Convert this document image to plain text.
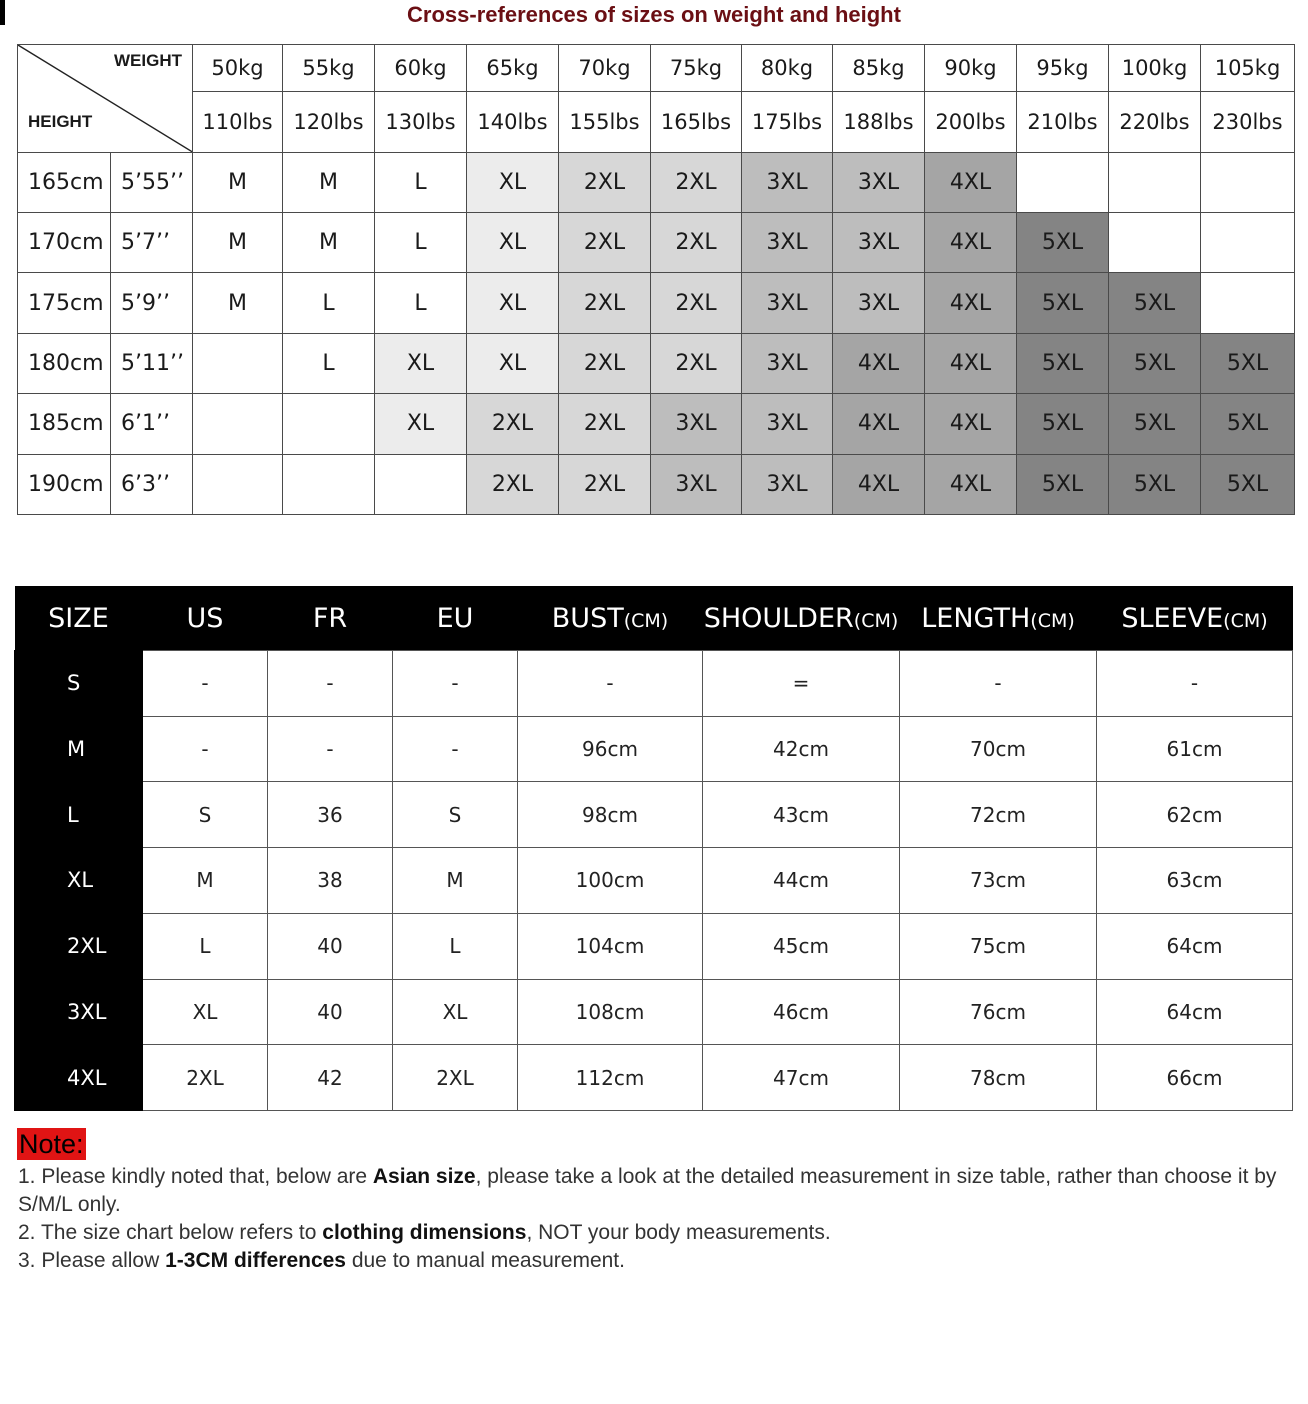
Cross-references of sizes on weight and height
WEIGHT
HEIGHT		50kg	55kg	60kg	65kg	70kg	75kg	80kg	85kg	90kg	95kg	100kg	105kg
		110lbs	120lbs	130lbs	140lbs	155lbs	165lbs	175lbs	188lbs	200lbs	210lbs	220lbs	230lbs
165cm	5’55’’	M	M	L	XL	2XL	2XL	3XL	3XL	4XL			
170cm	5’7’’	M	M	L	XL	2XL	2XL	3XL	3XL	4XL	5XL		
175cm	5’9’’	M	L	L	XL	2XL	2XL	3XL	3XL	4XL	5XL	5XL	
180cm	5’11’’		L	XL	XL	2XL	2XL	3XL	4XL	4XL	5XL	5XL	5XL
185cm	6’1’’			XL	2XL	2XL	3XL	3XL	4XL	4XL	5XL	5XL	5XL
190cm	6’3’’				2XL	2XL	3XL	3XL	4XL	4XL	5XL	5XL	5XL
SIZE	US	FR	EU	BUST(CM)	SHOULDER(CM)	LENGTH(CM)	SLEEVE(CM)
S	-	-	-	-	=	-	-
M	-	-	-	96cm	42cm	70cm	61cm
L	S	36	S	98cm	43cm	72cm	62cm
XL	M	38	M	100cm	44cm	73cm	63cm
2XL	L	40	L	104cm	45cm	75cm	64cm
3XL	XL	40	XL	108cm	46cm	76cm	64cm
4XL	2XL	42	2XL	112cm	47cm	78cm	66cm
Note:

1. Please kindly noted that, below are Asian size, please take a look at the detailed measurement in size table, rather than choose it by S/M/L only.

2. The size chart below refers to clothing dimensions, NOT your body measurements.

3. Please allow 1-3CM differences due to manual measurement.
